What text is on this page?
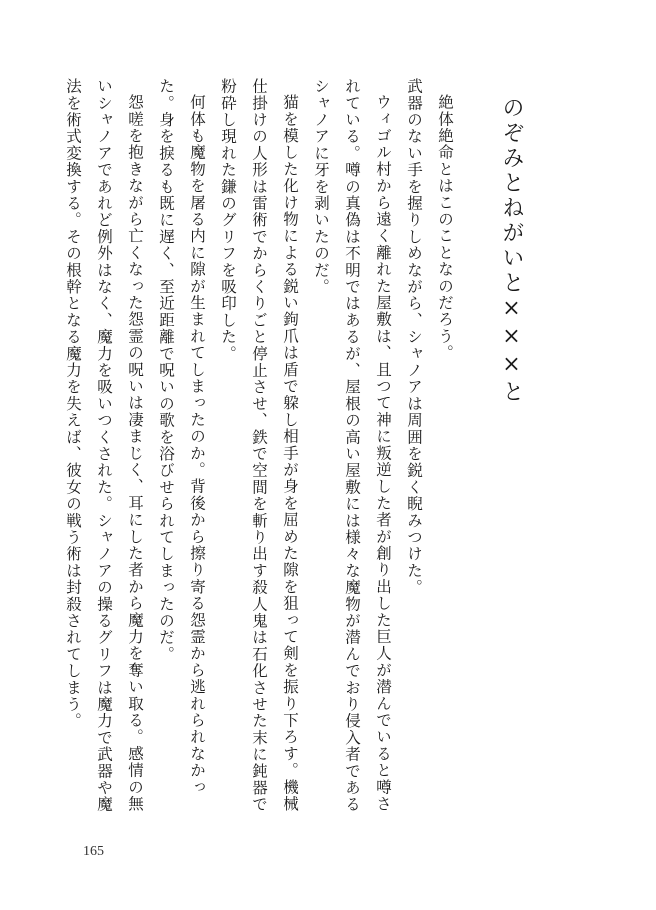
のぞみとねがいと×××と

絶体絶命とはこのことなのだろう。

武器のない手を握りしめながら、シャノアは周囲を鋭く睨みつけた。

ウィゴル村から遠く離れた屋敷は、且つて神に叛逆した者が創り出した巨人が潜んでいると噂されている。噂の真偽は不明ではあるが、屋根の高い屋敷には様々な魔物が潜んでおり侵入者であるシャノアに牙を剥いたのだ。

猫を模した化け物による鋭い鉤爪は盾で躱し相手が身を屈めた隙を狙って剣を振り下ろす。機械仕掛けの人形は雷術でからくりごと停止させ、鉄で空間を斬り出す殺人鬼は石化させた末に鈍器で粉砕し現れた鎌のグリフを吸印した。

何体も魔物を屠る内に隙が生まれてしまったのか。背後から擦り寄る怨霊から逃れられなかった。身を捩るも既に遅く、至近距離で呪いの歌を浴びせられてしまったのだ。

怨嗟を抱きながら亡くなった怨霊の呪いは凄まじく、耳にした者から魔力を奪い取る。感情の無いシャノアであれど例外はなく、魔力を吸いつくされた。シャノアの操るグリフは魔力で武器や魔法を術式変換する。その根幹となる魔力を失えば、彼女の戦う術は封殺されてしまう。

165
